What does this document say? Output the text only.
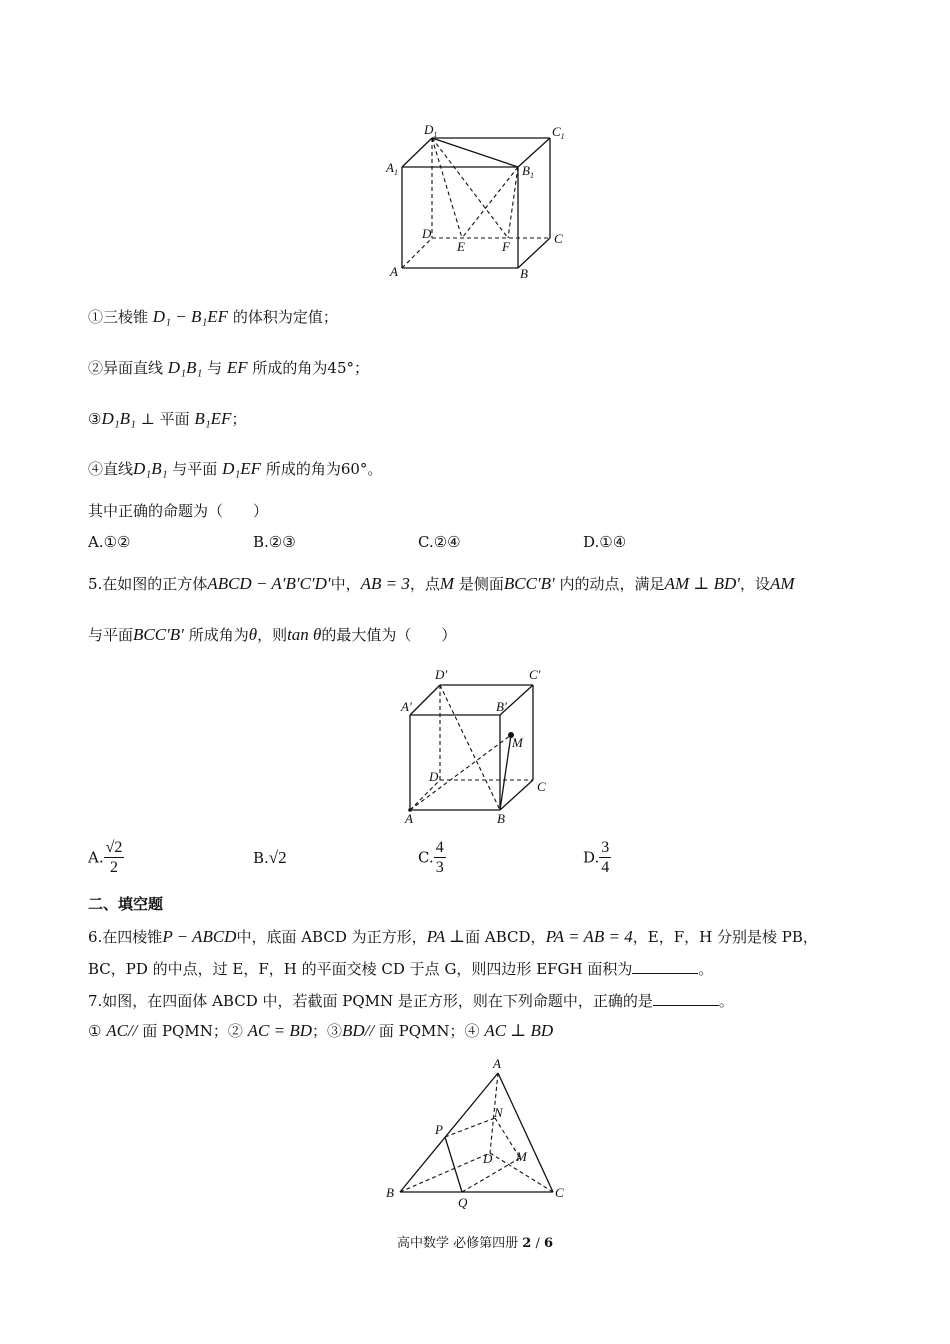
$D_1$	$C_1$
$A_1$	$B_1$
D
E	F
C
A	B
①三棱锥 D₁ − B₁EF 的体积为定值；
②异面直线 D₁B₁ 与 EF 所成的角为45°；
③D₁B₁ ⊥ 平面 B₁EF；
④直线D₁B₁ 与平面 D₁EF 所成的角为60°。
其中正确的命题为（　　）
A.①②	B.②③	C.②④	D.①④
5.在如图的正方体ABCD − A′B′C′D′中，AB = 3，点M 是侧面BCC′B′ 内的动点，满足AM ⊥ BD′，设AM
与平面BCC′B′ 所成角为θ，则tan θ的最大值为（　　）
D′	C′
A′	B′
M
D
C
A	B
A. $\frac{√2}{2}$	B.√2	C. $\frac{4}{3}$	D. $\frac{3}{4}$
二、填空题
6.在四棱锥P − ABCD中，底面 ABCD 为正方形，PA ⊥面 ABCD，PA = AB = 4，E，F，H 分别是棱 PB，
BC，PD 的中点，过 E，F，H 的平面交棱 CD 于点 G，则四边形 EFGH 面积为	。
7.如图，在四面体 ABCD 中，若截面 PQMN 是正方形，则在下列命题中，正确的是	。
① AC// 面 PQMN；② AC = BD；③BD// 面 PQMN；④ AC ⊥ BD
A
N
P
D M
B
Q
C
高中数学 必修第四册 2 / 6
